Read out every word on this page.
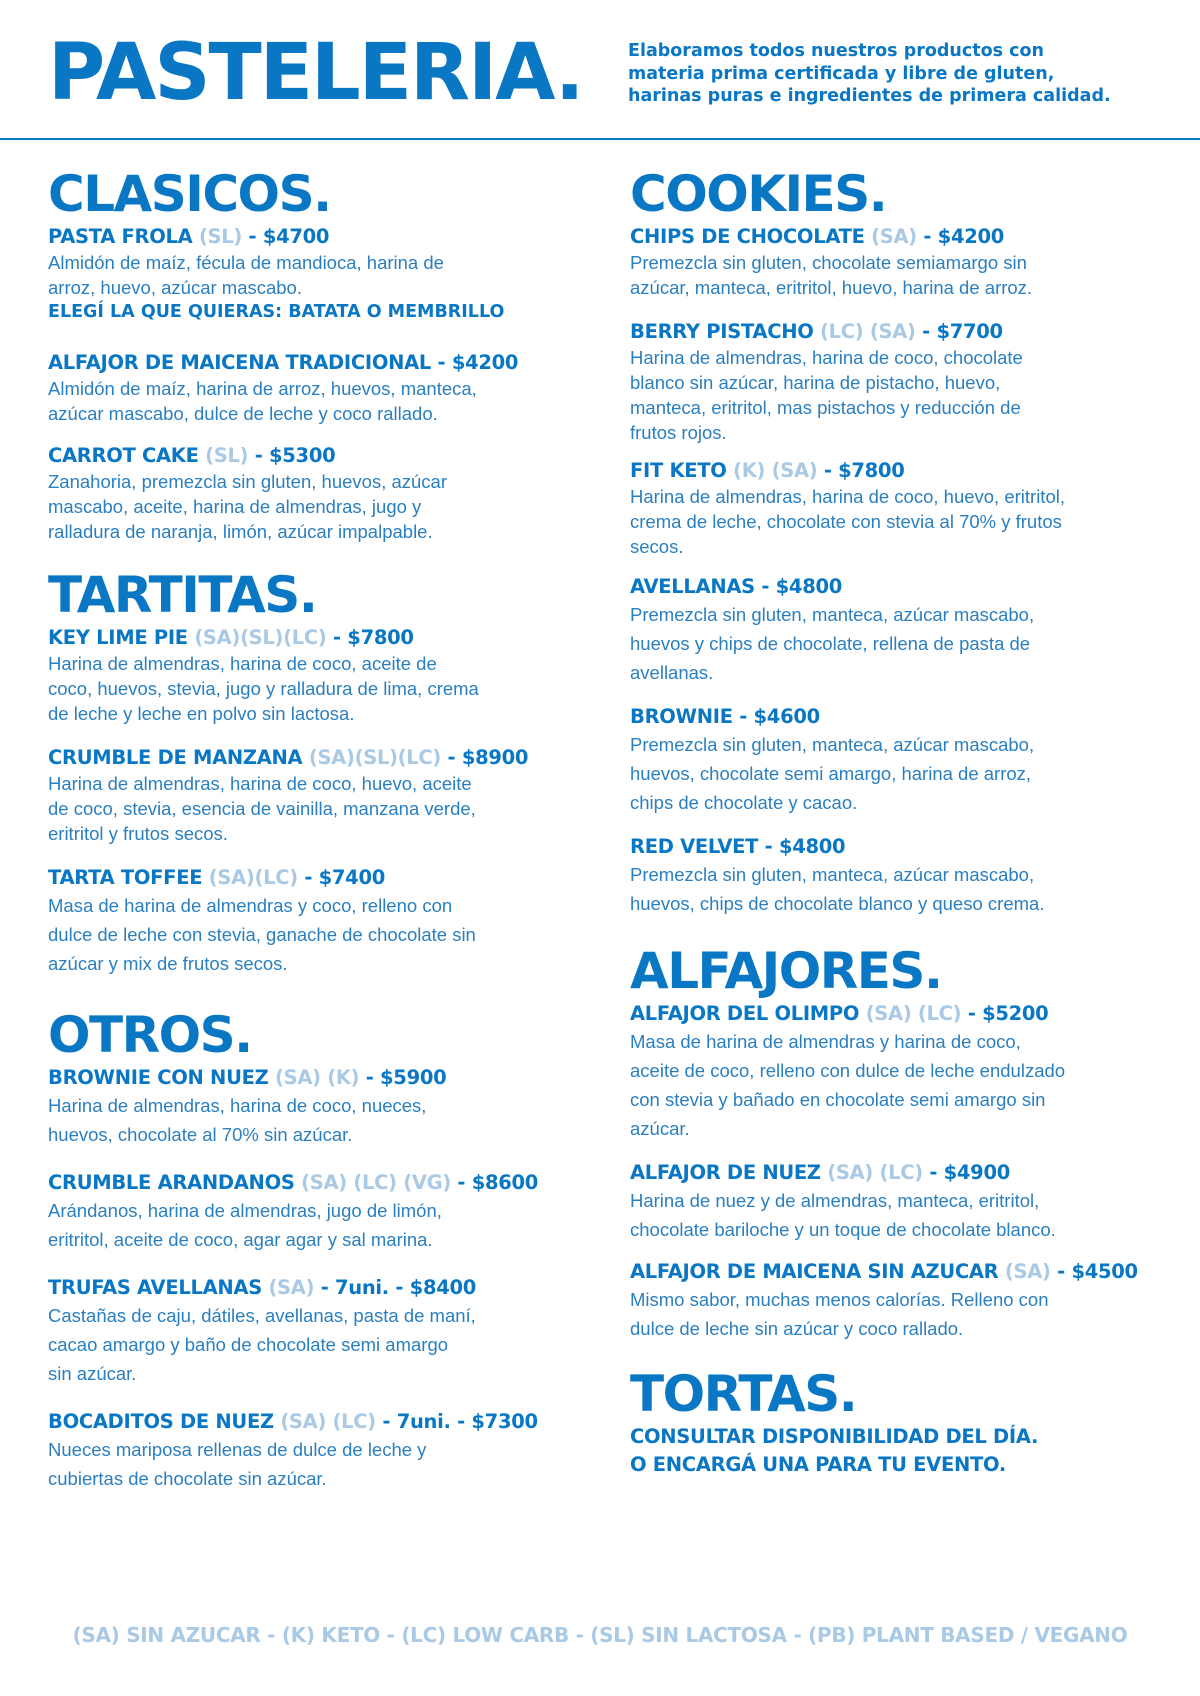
PASTELERIA.	Elaboramos todos nuestros productos con
materia prima certificada y libre de gluten,
harinas puras e ingredientes de primera calidad.
CLASICOS.
PASTA FROLA (SL) - $4700
Almidón de maíz, fécula de mandioca, harina de
arroz, huevo, azúcar mascabo.
ELEGÍ LA QUE QUIERAS: BATATA O MEMBRILLO
ALFAJOR DE MAICENA TRADICIONAL - $4200
Almidón de maíz, harina de arroz, huevos, manteca,
azúcar mascabo, dulce de leche y coco rallado.
CARROT CAKE (SL) - $5300
Zanahoria, premezcla sin gluten, huevos, azúcar
mascabo, aceite, harina de almendras, jugo y
ralladura de naranja, limón, azúcar impalpable.
TARTITAS.
KEY LIME PIE (SA)(SL)(LC) - $7800
Harina de almendras, harina de coco, aceite de
coco, huevos, stevia, jugo y ralladura de lima, crema
de leche y leche en polvo sin lactosa.
CRUMBLE DE MANZANA (SA)(SL)(LC) - $8900
Harina de almendras, harina de coco, huevo, aceite
de coco, stevia, esencia de vainilla, manzana verde,
eritritol y frutos secos.
TARTA TOFFEE (SA)(LC) - $7400
Masa de harina de almendras y coco, relleno con
dulce de leche con stevia, ganache de chocolate sin
azúcar y mix de frutos secos.
OTROS.
BROWNIE CON NUEZ (SA) (K) - $5900
Harina de almendras, harina de coco, nueces,
huevos, chocolate al 70% sin azúcar.
CRUMBLE ARANDANOS (SA) (LC) (VG) - $8600
Arándanos, harina de almendras, jugo de limón,
eritritol, aceite de coco, agar agar y sal marina.
TRUFAS AVELLANAS (SA) - 7uni. - $8400
Castañas de caju, dátiles, avellanas, pasta de maní,
cacao amargo y baño de chocolate semi amargo
sin azúcar.
BOCADITOS DE NUEZ (SA) (LC) - 7uni. - $7300
Nueces mariposa rellenas de dulce de leche y
cubiertas de chocolate sin azúcar.
COOKIES.
CHIPS DE CHOCOLATE (SA) - $4200
Premezcla sin gluten, chocolate semiamargo sin
azúcar, manteca, eritritol, huevo, harina de arroz.
BERRY PISTACHO (LC) (SA) - $7700
Harina de almendras, harina de coco, chocolate
blanco sin azúcar, harina de pistacho, huevo,
manteca, eritritol, mas pistachos y reducción de
frutos rojos.
FIT KETO (K) (SA) - $7800
Harina de almendras, harina de coco, huevo, eritritol,
crema de leche, chocolate con stevia al 70% y frutos
secos.
AVELLANAS - $4800
Premezcla sin gluten, manteca, azúcar mascabo,
huevos y chips de chocolate, rellena de pasta de
avellanas.
BROWNIE - $4600
Premezcla sin gluten, manteca, azúcar mascabo,
huevos, chocolate semi amargo, harina de arroz,
chips de chocolate y cacao.
RED VELVET - $4800
Premezcla sin gluten, manteca, azúcar mascabo,
huevos, chips de chocolate blanco y queso crema.
ALFAJORES.
ALFAJOR DEL OLIMPO (SA) (LC) - $5200
Masa de harina de almendras y harina de coco,
aceite de coco, relleno con dulce de leche endulzado
con stevia y bañado en chocolate semi amargo sin
azúcar.
ALFAJOR DE NUEZ (SA) (LC) - $4900
Harina de nuez y de almendras, manteca, eritritol,
chocolate bariloche y un toque de chocolate blanco.
ALFAJOR DE MAICENA SIN AZUCAR (SA) - $4500
Mismo sabor, muchas menos calorías. Relleno con
dulce de leche sin azúcar y coco rallado.
TORTAS.
CONSULTAR DISPONIBILIDAD DEL DÍA.
O ENCARGÁ UNA PARA TU EVENTO.
(SA) SIN AZUCAR - (K) KETO - (LC) LOW CARB - (SL) SIN LACTOSA - (PB) PLANT BASED / VEGANO
